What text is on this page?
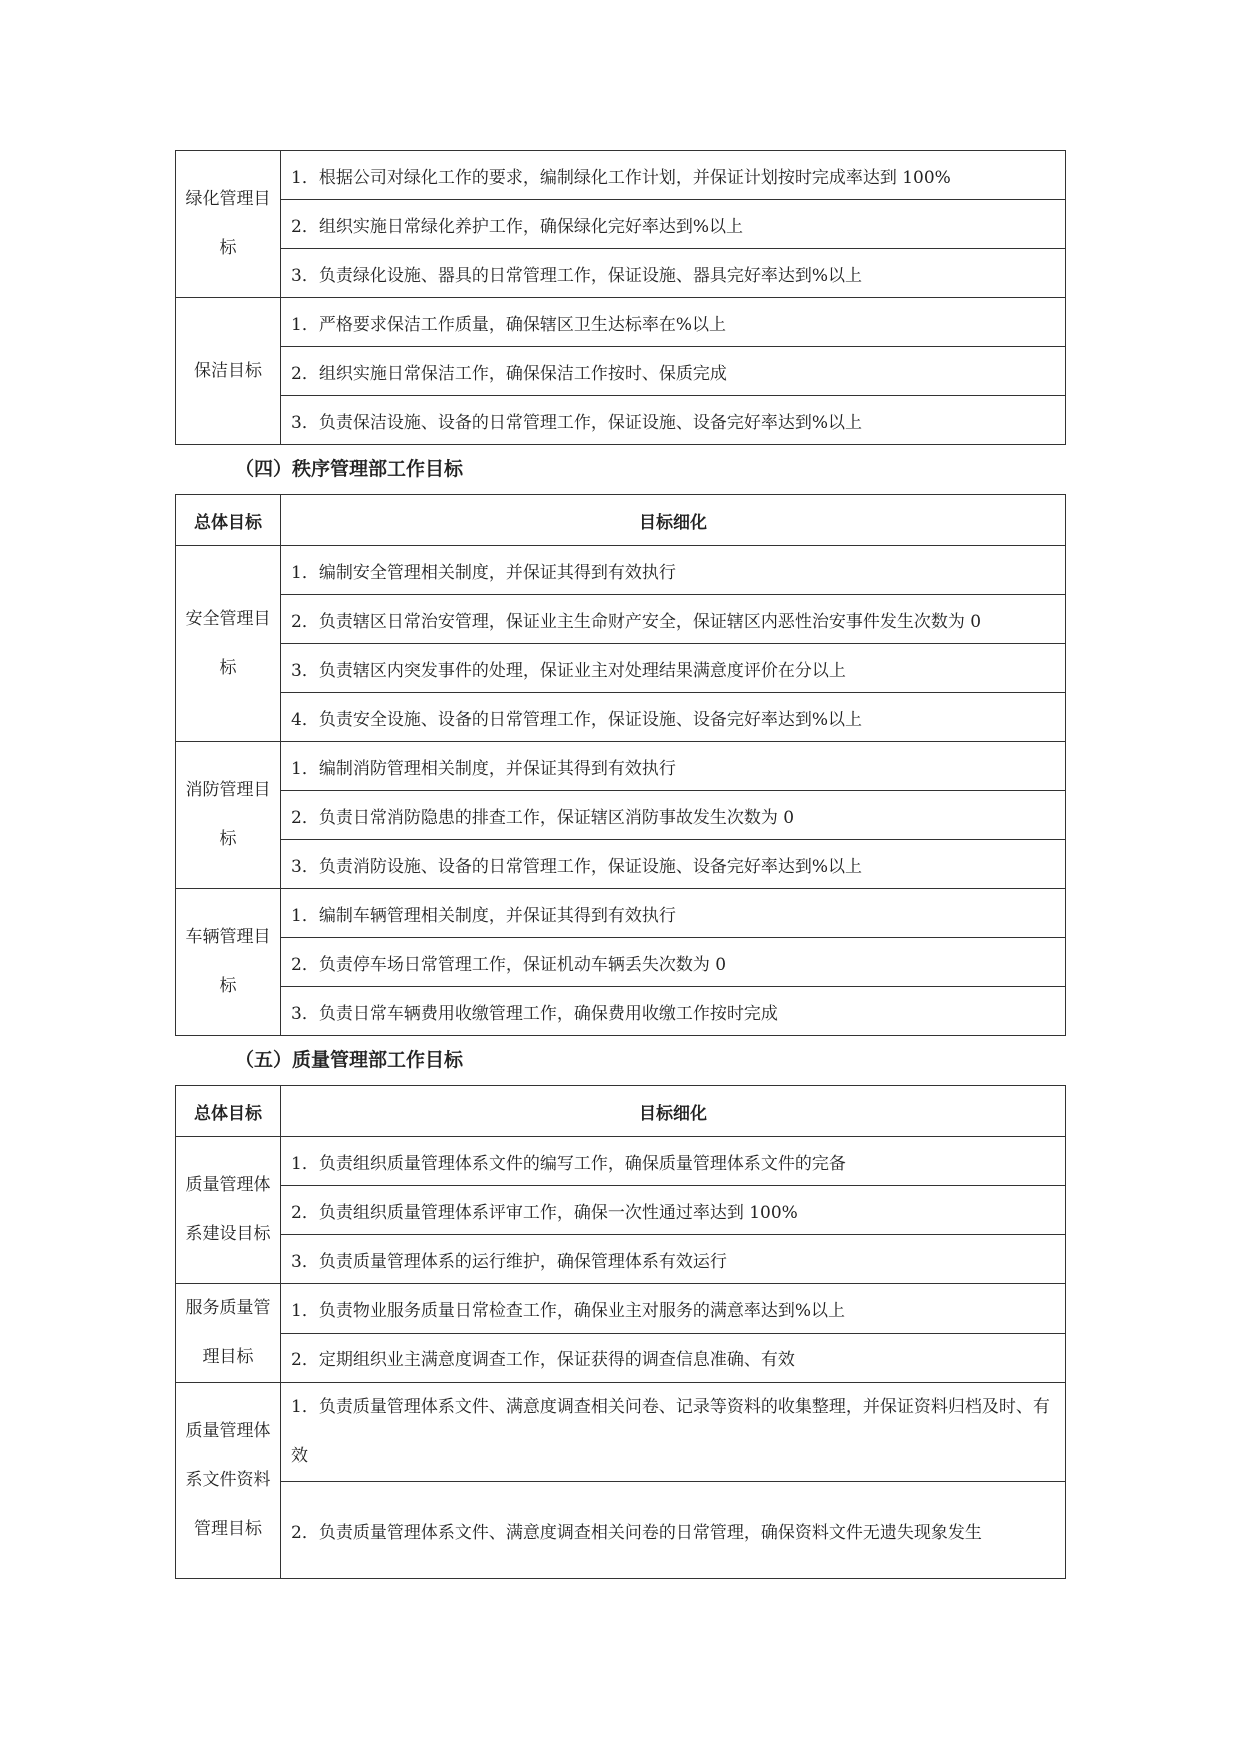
绿化管理目标	1．根据公司对绿化工作的要求，编制绿化工作计划，并保证计划按时完成率达到 100%
	2．组织实施日常绿化养护工作，确保绿化完好率达到%以上
	3．负责绿化设施、器具的日常管理工作，保证设施、器具完好率达到%以上
保洁目标	1．严格要求保洁工作质量，确保辖区卫生达标率在%以上
	2．组织实施日常保洁工作，确保保洁工作按时、保质完成
	3．负责保洁设施、设备的日常管理工作，保证设施、设备完好率达到%以上
（四）秩序管理部工作目标
总体目标	目标细化
安全管理目标	1．编制安全管理相关制度，并保证其得到有效执行
	2．负责辖区日常治安管理，保证业主生命财产安全，保证辖区内恶性治安事件发生次数为 0
	3．负责辖区内突发事件的处理，保证业主对处理结果满意度评价在分以上
	4．负责安全设施、设备的日常管理工作，保证设施、设备完好率达到%以上
消防管理目标	1．编制消防管理相关制度，并保证其得到有效执行
	2．负责日常消防隐患的排查工作，保证辖区消防事故发生次数为 0
	3．负责消防设施、设备的日常管理工作，保证设施、设备完好率达到%以上
车辆管理目标	1．编制车辆管理相关制度，并保证其得到有效执行
	2．负责停车场日常管理工作，保证机动车辆丢失次数为 0
	3．负责日常车辆费用收缴管理工作，确保费用收缴工作按时完成
（五）质量管理部工作目标
总体目标	目标细化
质量管理体系建设目标	1．负责组织质量管理体系文件的编写工作，确保质量管理体系文件的完备
	2．负责组织质量管理体系评审工作，确保一次性通过率达到 100%
	3．负责质量管理体系的运行维护，确保管理体系有效运行
服务质量管理目标	1．负责物业服务质量日常检查工作，确保业主对服务的满意率达到%以上
	2．定期组织业主满意度调查工作，保证获得的调查信息准确、有效
质量管理体系文件资料管理目标	1．负责质量管理体系文件、满意度调查相关问卷、记录等资料的收集整理，并保证资料归档及时、有效
	2．负责质量管理体系文件、满意度调查相关问卷的日常管理，确保资料文件无遗失现象发生
